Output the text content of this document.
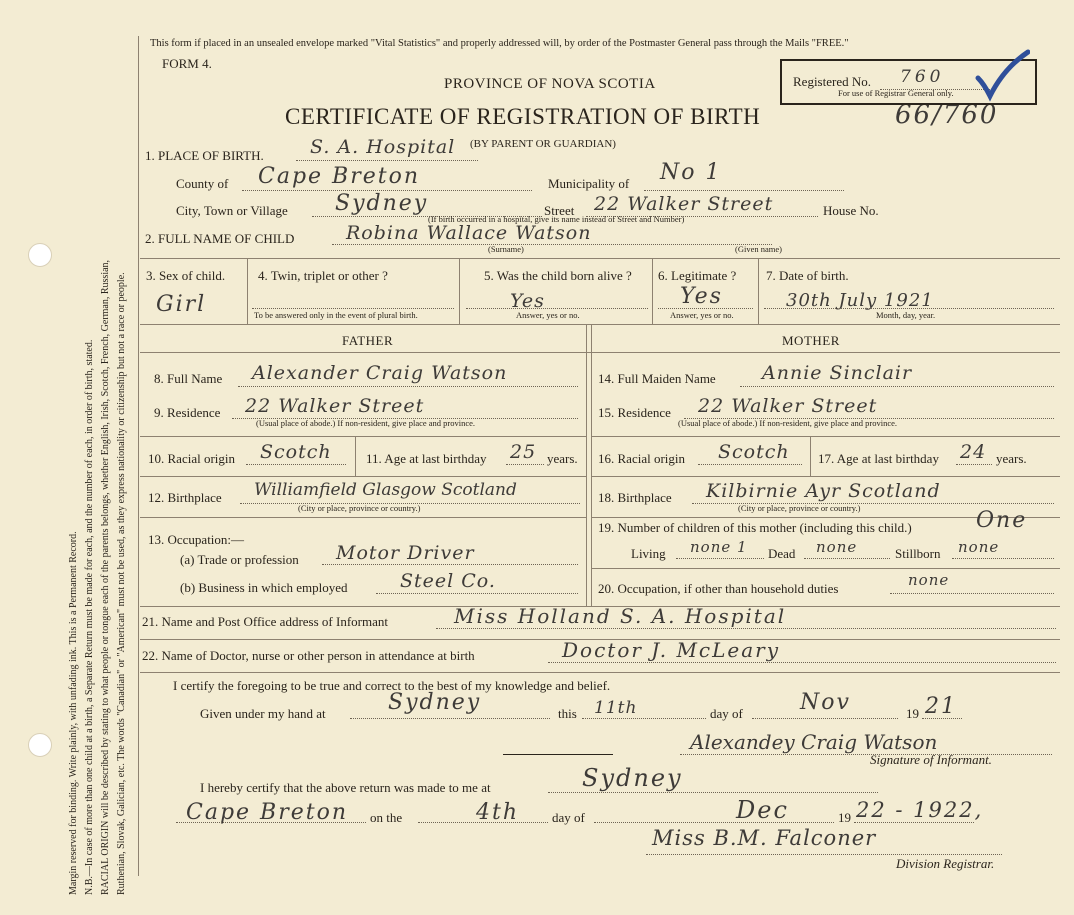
Margin reserved for binding. Write plainly, with unfading ink. This is a Permanent Record. N.B.—In case of more than one child at a birth, a Separate Return must be made for each, and the number of each, in order of birth, stated. RACIAL ORIGIN will be described by stating to what people or tongue each of the parents belongs, whether English, Irish, Scotch, French, German, Russian, Ruthenian, Slovak, Galician, etc. The words "Canadian" or "American" must not be used, as they express nationality or citizenship but not a race or people.
This form if placed in an unsealed envelope marked "Vital Statistics" and properly addressed will, by order of the Postmaster General pass through the Mails "FREE."
FORM 4.
PROVINCE OF NOVA SCOTIA
CERTIFICATE OF REGISTRATION OF BIRTH	66/760
Registered No. 760
For use of Registrar General only.
1. PLACE OF BIRTH. S. A. Hospital (BY PARENT OR GUARDIAN)
County of Cape Breton	Municipality of No 1
City, Town or Village Sydney	Street 22 Walker Street	House No.
(If birth occurred in a hospital, give its name instead of Street and Number)
2. FULL NAME OF CHILD	Robina Wallace Watson
(Surname)	(Given name)
3. Sex of child.
Girl
4. Twin, triplet or other ?
To be answered only in the event of plural birth.
5. Was the child born alive ?
Yes
Answer, yes or no.
6. Legitimate ?
Yes
Answer, yes or no.
7. Date of birth.
30th July 1921
Month, day, year.
FATHER	MOTHER
8. Full Name Alexander Craig Watson
9. Residence 22 Walker Street
(Usual place of abode.) If non-resident, give place and province.
10. Racial origin Scotch	11. Age at last birthday 25 years.
12. Birthplace Williamfield Glasgow Scotland
(City or place, province or country.)
14. Full Maiden Name Annie Sinclair
15. Residence 22 Walker Street
(Usual place of abode.) If non-resident, give place and province.
16. Racial origin Scotch 17. Age at last birthday 24 years.
18. Birthplace Kilbirnie Ayr Scotland
(City or place, province or country.)
19. Number of children of this mother (including this child.)	One
Living none 1 Dead none	Stillborn none
20. Occupation, if other than household duties	none
13. Occupation:—
(a) Trade or profession Motor Driver
(b) Business in which employed	Steel Co.
21. Name and Post Office address of Informant	Miss Holland S. A. Hospital
22. Name of Doctor, nurse or other person in attendance at birth	Doctor J. McLeary
I certify the foregoing to be true and correct to the best of my knowledge and belief.
Given under my hand at	Sydney	this 11th	day of	Nov	19 21
Alexandey Craig Watson
Signature of Informant.
I hereby certify that the above return was made to me at	Sydney
Cape Breton on the	4th	day of	Dec	19 22 - 1922,
Miss B.M. Falconer
Division Registrar.
